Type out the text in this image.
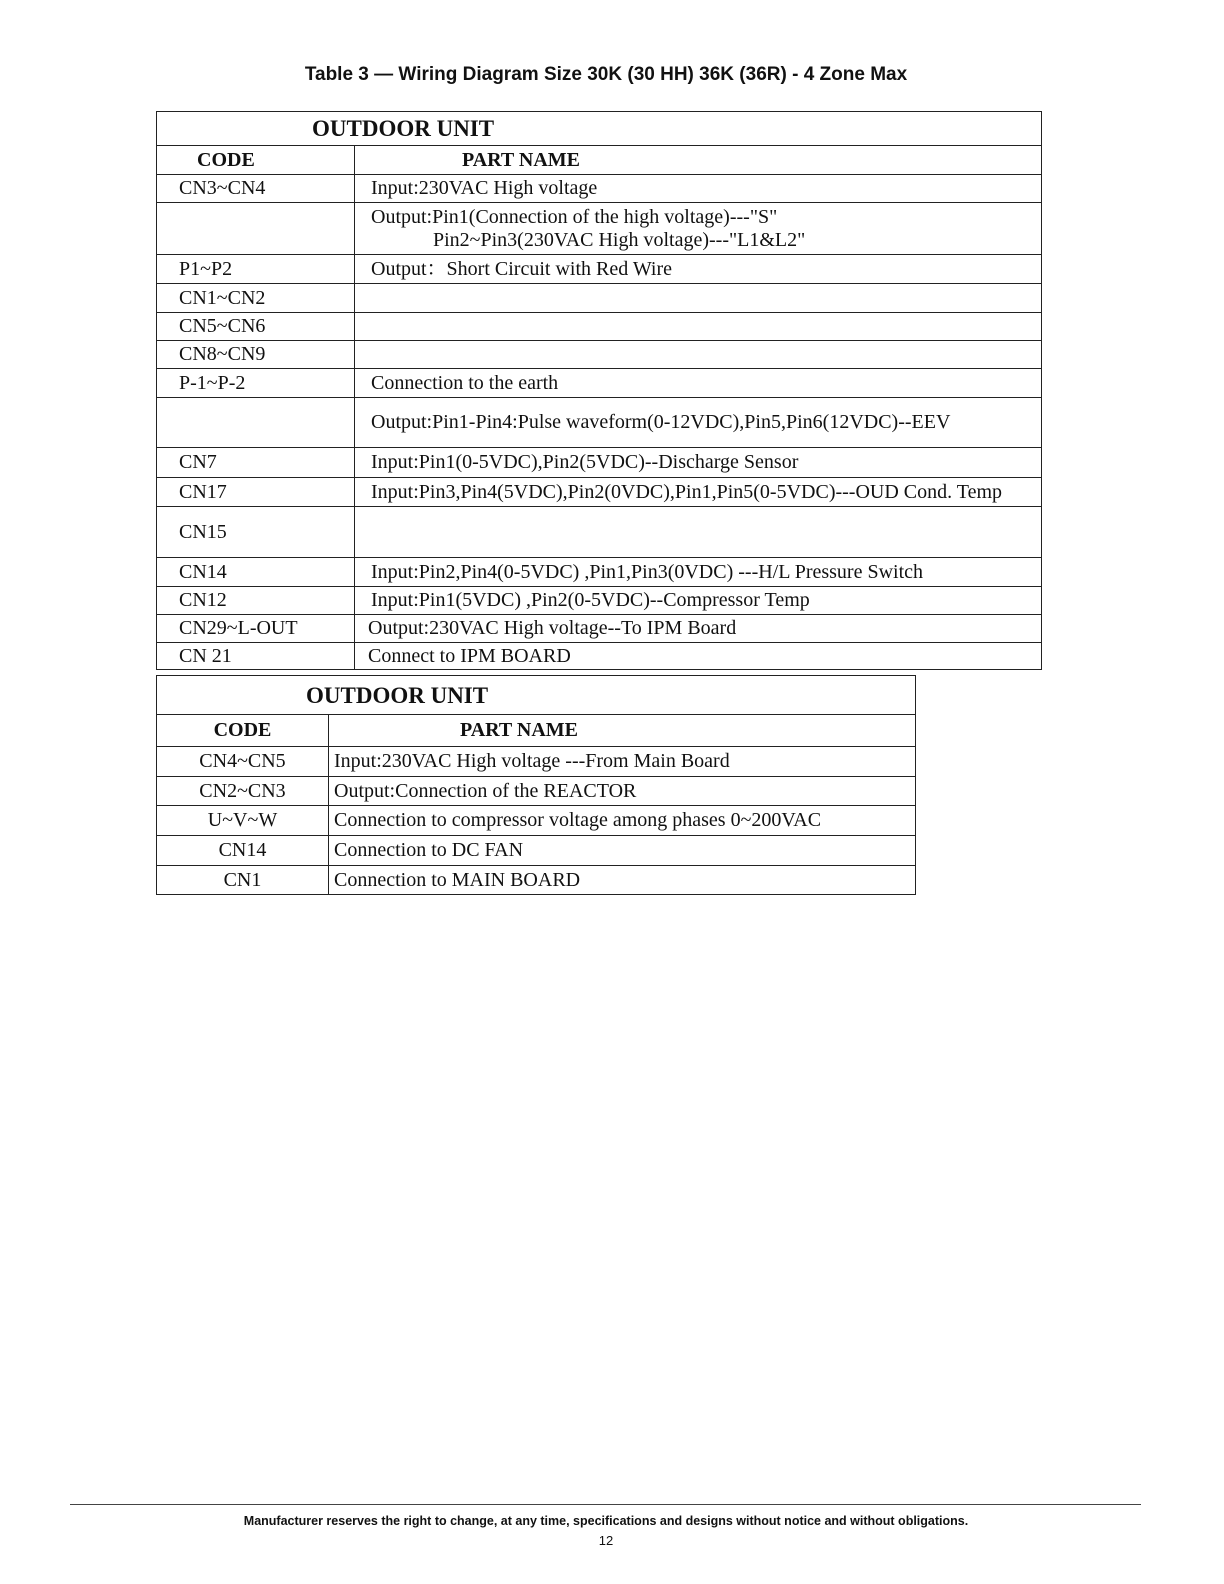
Table 3 — Wiring Diagram Size 30K (30 HH) 36K (36R) - 4 Zone Max
OUTDOOR UNIT	
CODE	PART NAME
CN3~CN4	Input:230VAC High voltage

	Output:Pin1(Connection of the high voltage)---"S"
Pin2~Pin3(230VAC High voltage)---"L1&L2"

P1~P2	Output：Short Circuit with Red Wire
CN1~CN2	
CN5~CN6	
CN8~CN9	
P-1~P-2	Connection to the earth
	Output:Pin1-Pin4:Pulse waveform(0-12VDC),Pin5,Pin6(12VDC)--EEV
CN7	Input:Pin1(0-5VDC),Pin2(5VDC)--Discharge Sensor
CN17	Input:Pin3,Pin4(5VDC),Pin2(0VDC),Pin1,Pin5(0-5VDC)---OUD Cond. Temp
CN15	
CN14	Input:Pin2,Pin4(0-5VDC) ,Pin1,Pin3(0VDC) ---H/L Pressure Switch
CN12	Input:Pin1(5VDC) ,Pin2(0-5VDC)--Compressor Temp
CN29~L-OUT	Output:230VAC High voltage--To IPM Board
CN 21	Connect to IPM BOARD
OUTDOOR UNIT	
CODE	PART NAME
CN4~CN5	Input:230VAC High voltage ---From Main Board
CN2~CN3	Output:Connection of the REACTOR
U~V~W	Connection to compressor voltage among phases 0~200VAC
CN14	Connection to DC FAN
CN1	Connection to MAIN BOARD
Manufacturer reserves the right to change, at any time, specifications and designs without notice and without obligations.
12
